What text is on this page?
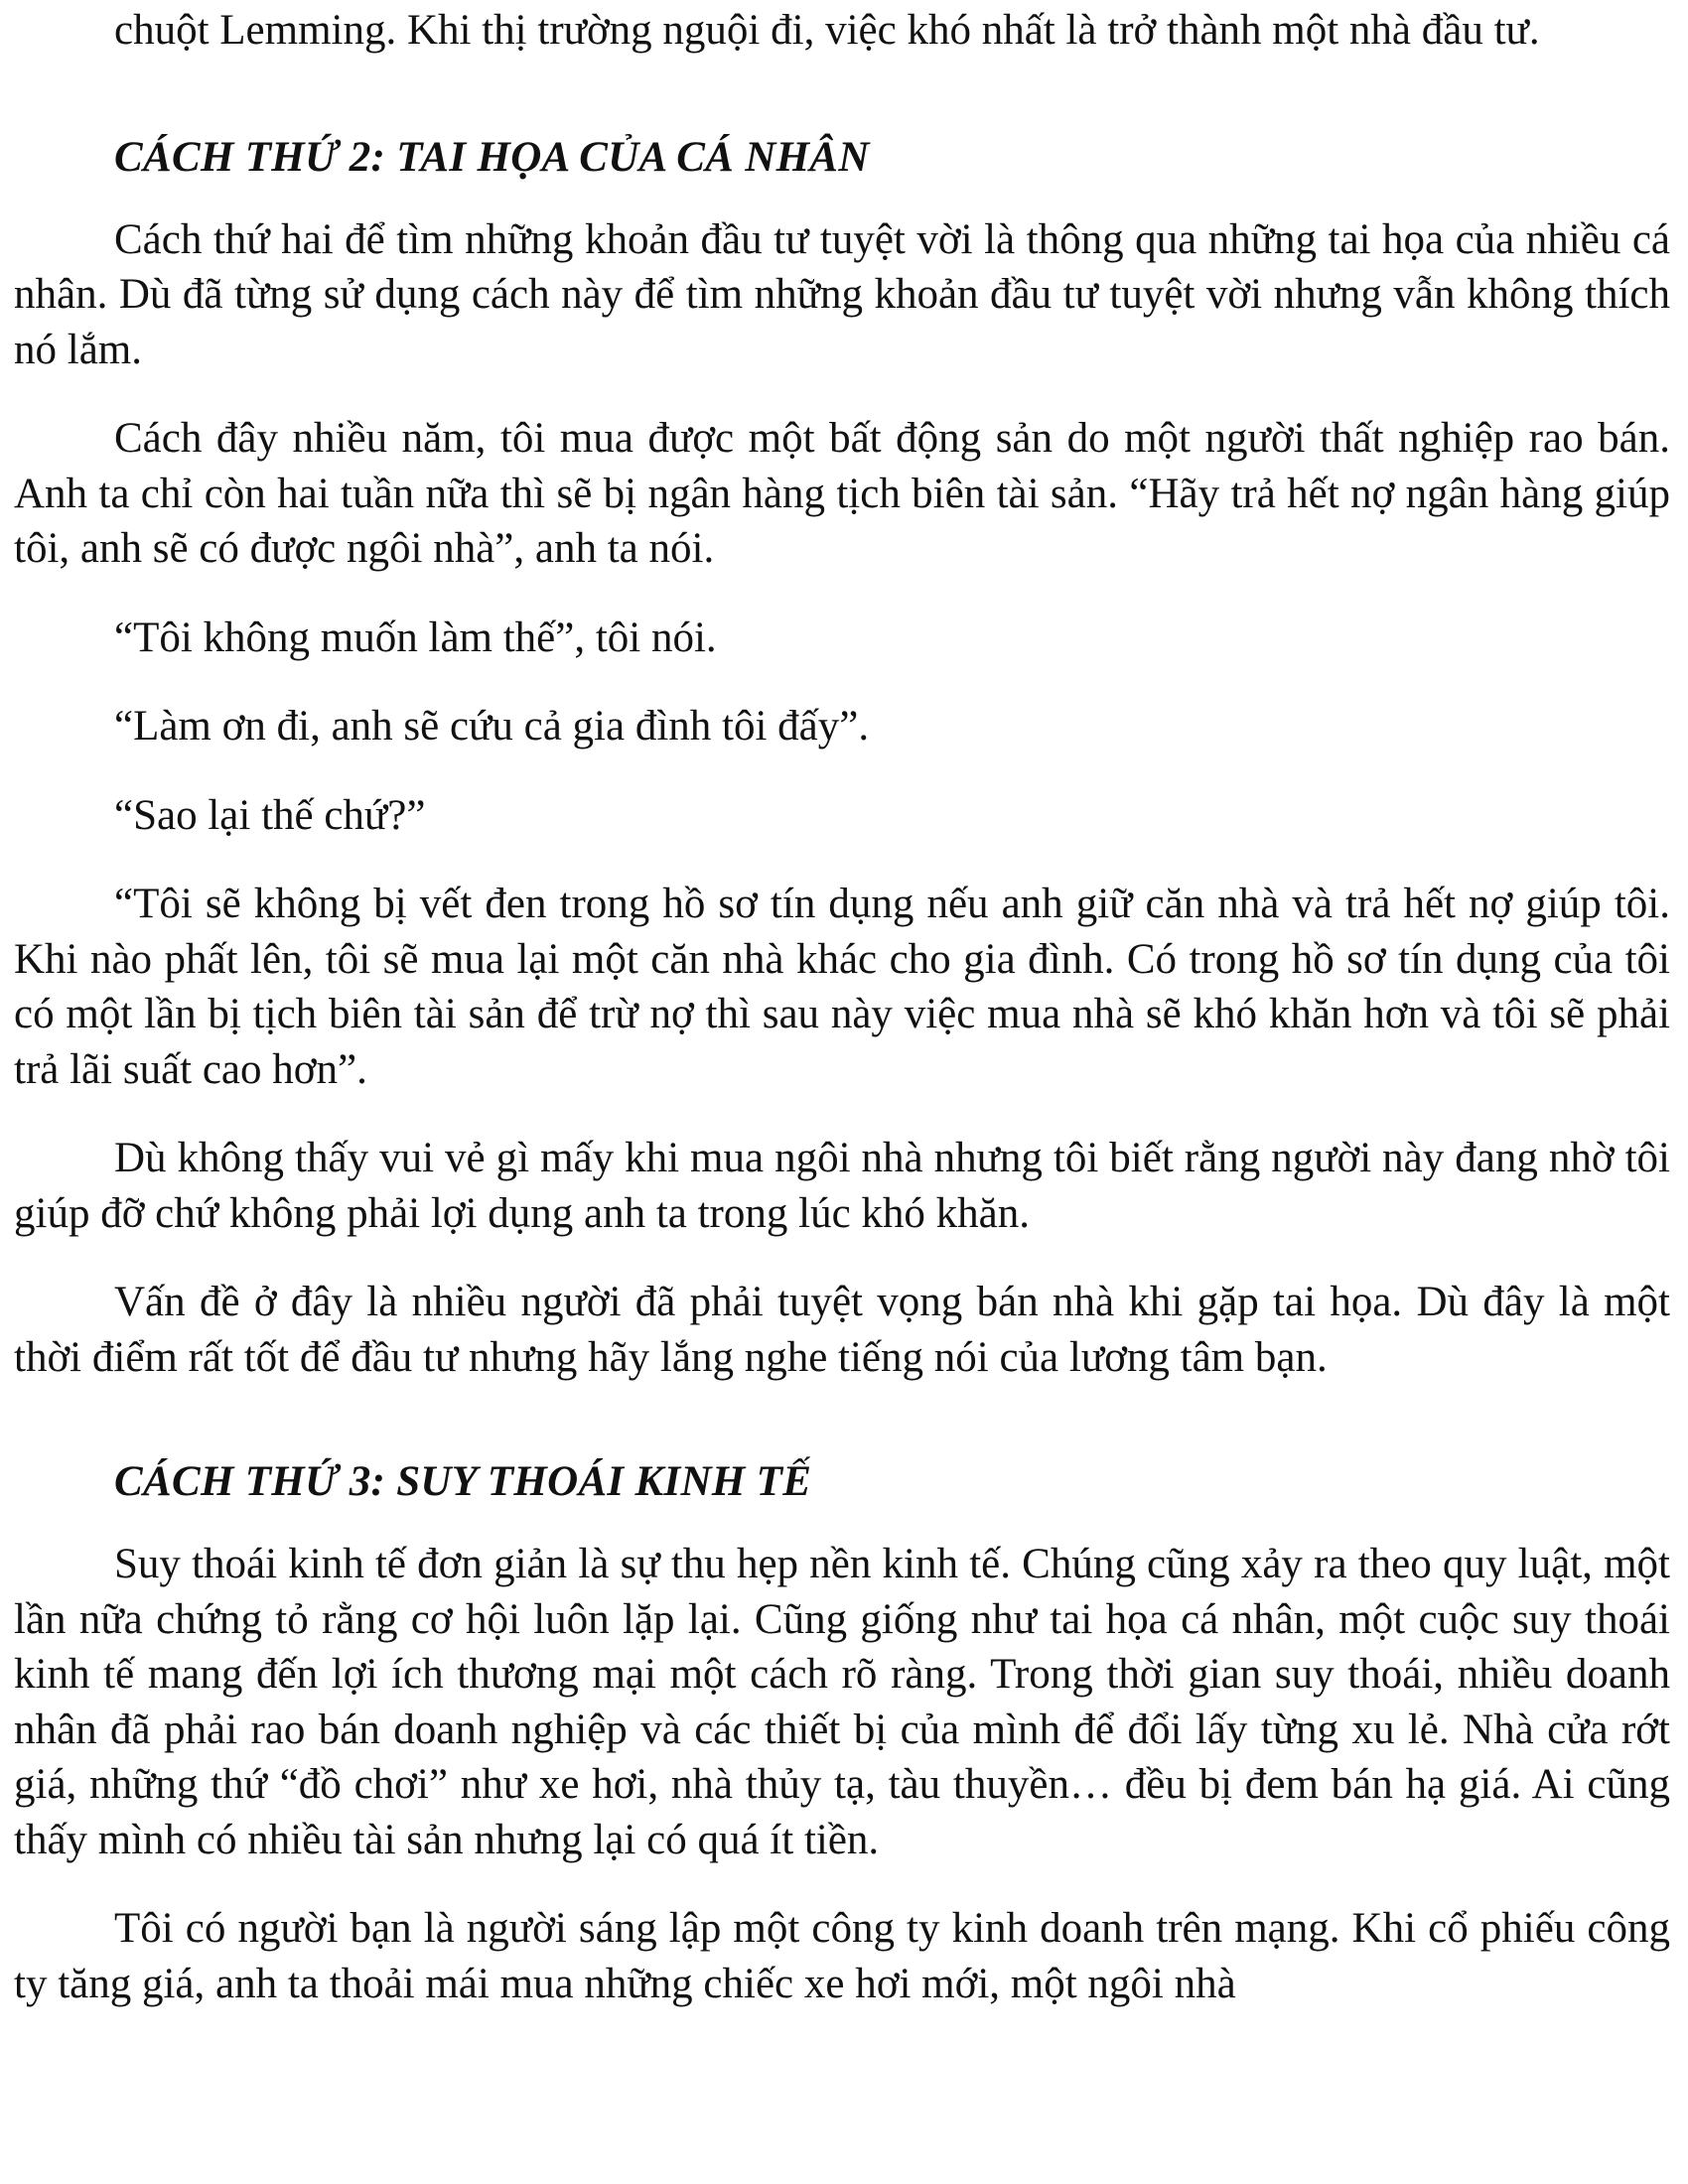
chuột Lemming. Khi thị trường nguội đi, việc khó nhất là trở thành một nhà đầu tư.

CÁCH THỨ 2: TAI HỌA CỦA CÁ NHÂN

Cách thứ hai để tìm những khoản đầu tư tuyệt vời là thông qua những tai họa của nhiều cá nhân. Dù đã từng sử dụng cách này để tìm những khoản đầu tư tuyệt vời nhưng vẫn không thích nó lắm.

Cách đây nhiều năm, tôi mua được một bất động sản do một người thất nghiệp rao bán. Anh ta chỉ còn hai tuần nữa thì sẽ bị ngân hàng tịch biên tài sản. “Hãy trả hết nợ ngân hàng giúp tôi, anh sẽ có được ngôi nhà”, anh ta nói.

“Tôi không muốn làm thế”, tôi nói.

“Làm ơn đi, anh sẽ cứu cả gia đình tôi đấy”.

“Sao lại thế chứ?”

“Tôi sẽ không bị vết đen trong hồ sơ tín dụng nếu anh giữ căn nhà và trả hết nợ giúp tôi. Khi nào phất lên, tôi sẽ mua lại một căn nhà khác cho gia đình. Có trong hồ sơ tín dụng của tôi có một lần bị tịch biên tài sản để trừ nợ thì sau này việc mua nhà sẽ khó khăn hơn và tôi sẽ phải trả lãi suất cao hơn”.

Dù không thấy vui vẻ gì mấy khi mua ngôi nhà nhưng tôi biết rằng người này đang nhờ tôi giúp đỡ chứ không phải lợi dụng anh ta trong lúc khó khăn.

Vấn đề ở đây là nhiều người đã phải tuyệt vọng bán nhà khi gặp tai họa. Dù đây là một thời điểm rất tốt để đầu tư nhưng hãy lắng nghe tiếng nói của lương tâm bạn.

CÁCH THỨ 3: SUY THOÁI KINH TẾ

Suy thoái kinh tế đơn giản là sự thu hẹp nền kinh tế. Chúng cũng xảy ra theo quy luật, một lần nữa chứng tỏ rằng cơ hội luôn lặp lại. Cũng giống như tai họa cá nhân, một cuộc suy thoái kinh tế mang đến lợi ích thương mại một cách rõ ràng. Trong thời gian suy thoái, nhiều doanh nhân đã phải rao bán doanh nghiệp và các thiết bị của mình để đổi lấy từng xu lẻ. Nhà cửa rớt giá, những thứ “đồ chơi” như xe hơi, nhà thủy tạ, tàu thuyền… đều bị đem bán hạ giá. Ai cũng thấy mình có nhiều tài sản nhưng lại có quá ít tiền.

Tôi có người bạn là người sáng lập một công ty kinh doanh trên mạng. Khi cổ phiếu công ty tăng giá, anh ta thoải mái mua những chiếc xe hơi mới, một ngôi nhà
